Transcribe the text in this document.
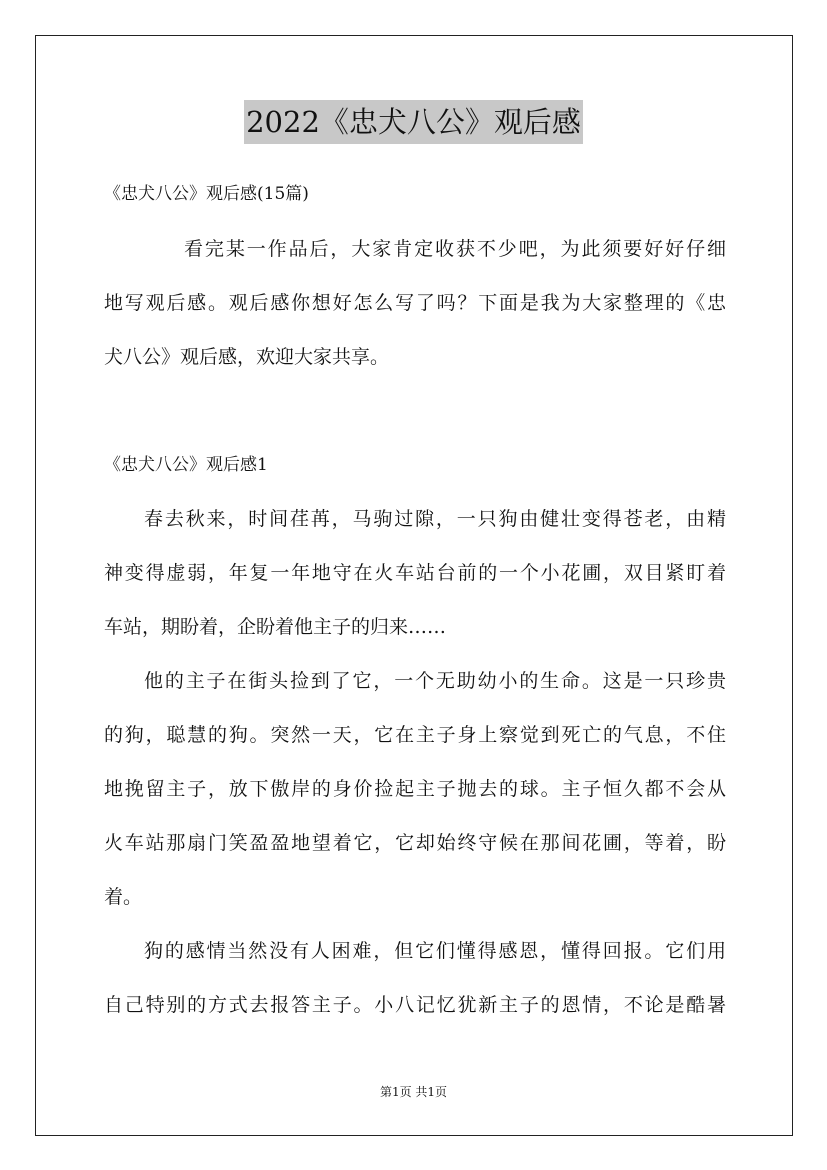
2022《忠犬八公》观后感
《忠犬八公》观后感(15篇)
看完某一作品后，大家肯定收获不少吧，为此须要好好仔细
地写观后感。观后感你想好怎么写了吗？下面是我为大家整理的《忠
犬八公》观后感，欢迎大家共享。
《忠犬八公》观后感1
春去秋来，时间荏苒，马驹过隙，一只狗由健壮变得苍老，由精
神变得虚弱，年复一年地守在火车站台前的一个小花圃，双目紧盯着
车站，期盼着，企盼着他主子的归来……
他的主子在街头捡到了它，一个无助幼小的生命。这是一只珍贵
的狗，聪慧的狗。突然一天，它在主子身上察觉到死亡的气息，不住
地挽留主子，放下傲岸的身价捡起主子抛去的球。主子恒久都不会从
火车站那扇门笑盈盈地望着它，它却始终守候在那间花圃，等着，盼
着。
狗的感情当然没有人困难，但它们懂得感恩，懂得回报。它们用
自己特别的方式去报答主子。小八记忆犹新主子的恩情，不论是酷暑
第1页 共1页
